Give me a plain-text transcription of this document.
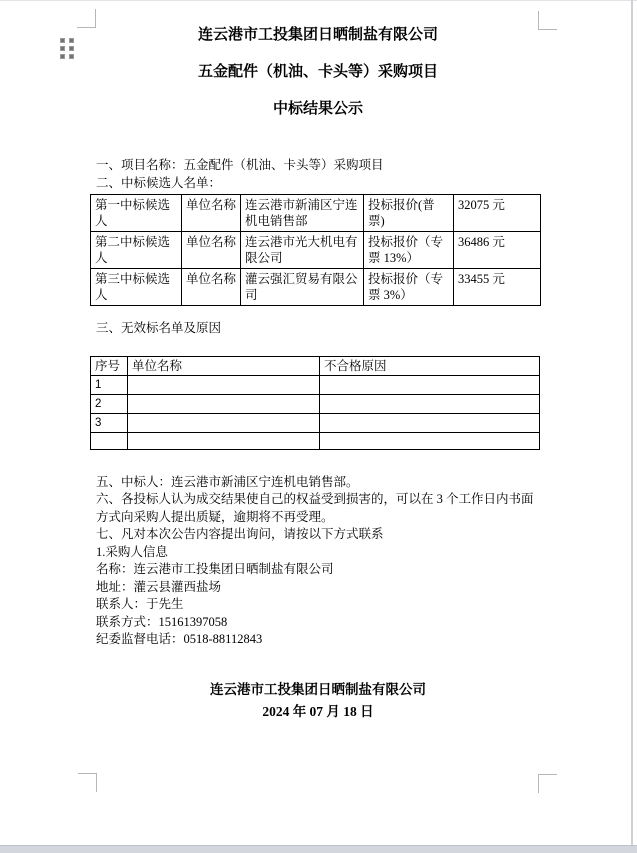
连云港市工投集团日晒制盐有限公司
五金配件（机油、卡头等）采购项目
中标结果公示
一、项目名称：五金配件（机油、卡头等）采购项目
二、中标候选人名单：
第一中标候选人	单位名称	连云港市新浦区宁连机电销售部	投标报价(普票)	32075 元
第二中标候选人	单位名称	连云港市光大机电有限公司	投标报价（专票 13%）	36486 元
第三中标候选人	单位名称	灌云强汇贸易有限公司	投标报价（专票 3%）	33455 元
三、无效标名单及原因
序号	单位名称	不合格原因
1		
2		
3		

五、中标人：连云港市新浦区宁连机电销售部。
六、各投标人认为成交结果使自己的权益受到损害的，可以在 3 个工作日内书面方式向采购人提出质疑，逾期将不再受理。
七、凡对本次公告内容提出询问，请按以下方式联系
1.采购人信息
名称：连云港市工投集团日晒制盐有限公司
地址：灌云县灌西盐场
联系人：于先生
联系方式：15161397058
纪委监督电话：0518-88112843
连云港市工投集团日晒制盐有限公司
2024 年 07 月 18 日
